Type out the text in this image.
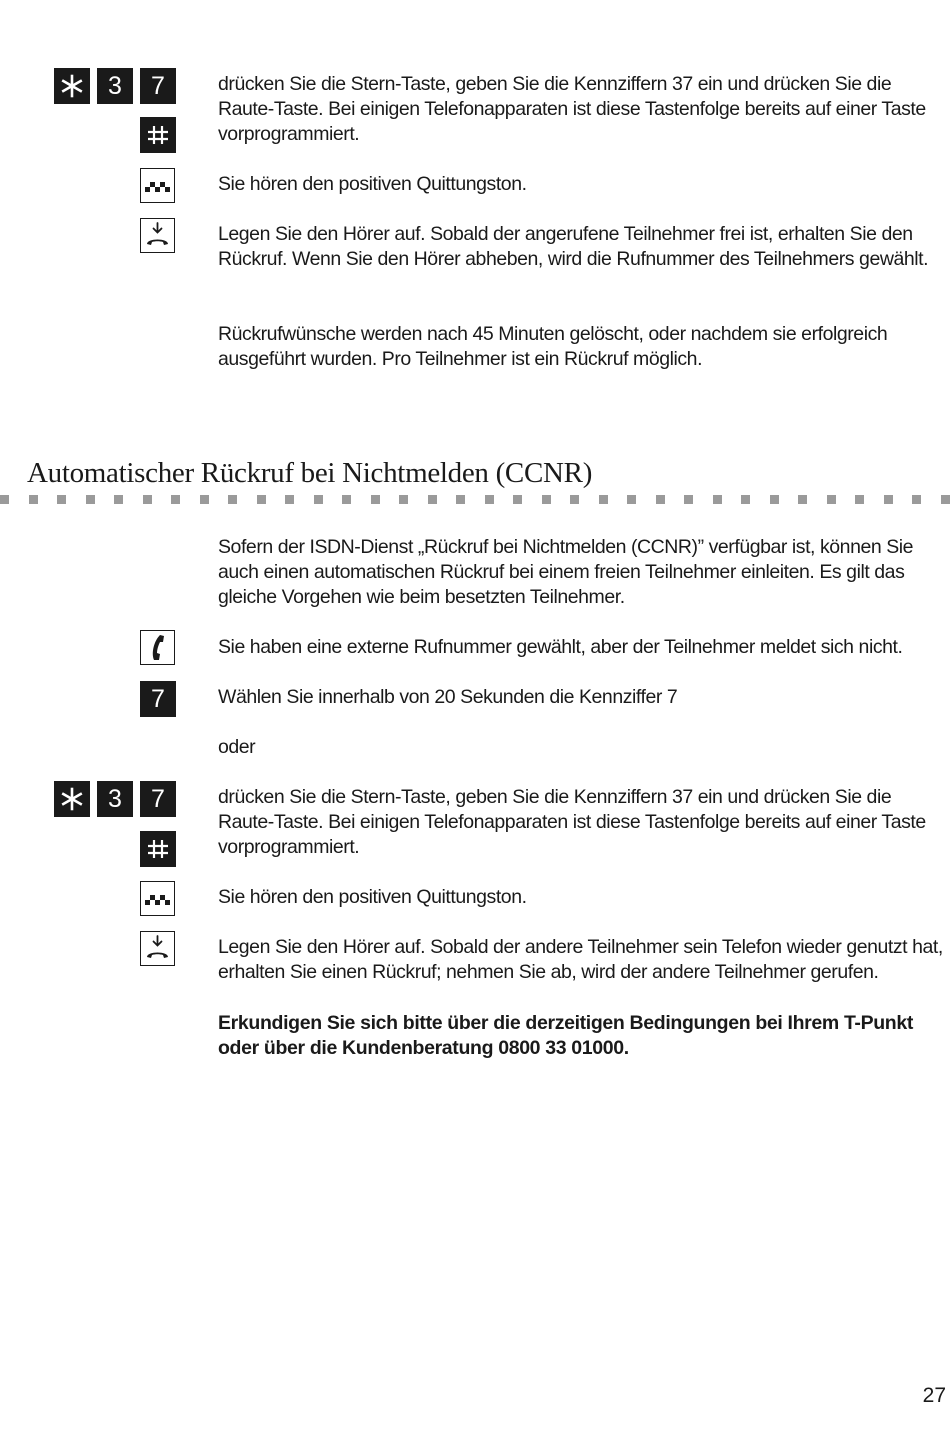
3	7	drücken Sie die Stern-Taste, geben Sie die Kennziffern 37 ein und drücken Sie die Raute-Taste. Bei einigen Telefonapparaten ist diese Tastenfolge bereits auf einer Taste vorprogrammiert.

Sie hören den positiven Quittungston.

Legen Sie den Hörer auf. Sobald der angerufene Teilnehmer frei ist, erhalten Sie den Rückruf. Wenn Sie den Hörer abheben, wird die Rufnummer des Teilnehmers gewählt.

Rückrufwünsche werden nach 45 Minuten gelöscht, oder nachdem sie erfolgreich ausgeführt wurden. Pro Teilnehmer ist ein Rückruf möglich.

Automatischer Rückruf bei Nichtmelden (CCNR)

Sofern der ISDN-Dienst „Rückruf bei Nichtmelden (CCNR)” verfügbar ist, können Sie auch einen automatischen Rückruf bei einem freien Teilnehmer einleiten. Es gilt das gleiche Vorgehen wie beim besetzten Teilnehmer.

Sie haben eine externe Rufnummer gewählt, aber der Teilnehmer meldet sich nicht.

7	Wählen Sie innerhalb von 20 Sekunden die Kennziffer 7

oder

3	7	drücken Sie die Stern-Taste, geben Sie die Kennziffern 37 ein und drücken Sie die Raute-Taste. Bei einigen Telefonapparaten ist diese Tastenfolge bereits auf einer Taste vorprogrammiert.

Sie hören den positiven Quittungston.

Legen Sie den Hörer auf. Sobald der andere Teilnehmer sein Telefon wieder genutzt hat, erhalten Sie einen Rückruf; nehmen Sie ab, wird der andere Teilnehmer gerufen.

Erkundigen Sie sich bitte über die derzeitigen Bedingungen bei Ihrem T-Punkt oder über die Kundenberatung 0800 33 01000.

27
